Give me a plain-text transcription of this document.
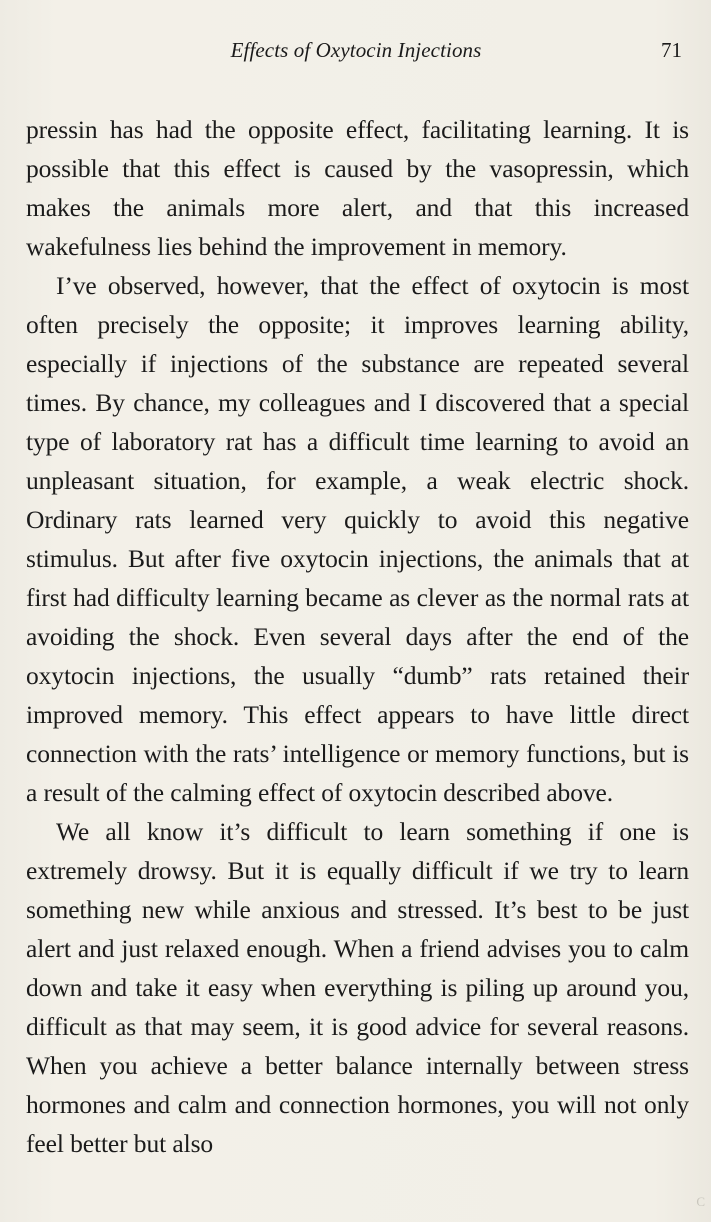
Effects of Oxytocin Injections	71

pressin has had the opposite effect, facilitating learning. It is possible that this effect is caused by the vasopressin, which makes the animals more alert, and that this increased wakefulness lies behind the improvement in memory.

I’ve observed, however, that the effect of oxytocin is most often precisely the opposite; it improves learning ability, especially if injections of the substance are repeated several times. By chance, my colleagues and I discovered that a special type of laboratory rat has a difficult time learning to avoid an unpleasant situation, for example, a weak electric shock. Ordinary rats learned very quickly to avoid this negative stimulus. But after five oxytocin injections, the animals that at first had difficulty learning became as clever as the normal rats at avoiding the shock. Even several days after the end of the oxytocin injections, the usually “dumb” rats retained their improved memory. This effect appears to have little direct connection with the rats’ intelligence or memory functions, but is a result of the calming effect of oxytocin described above.

We all know it’s difficult to learn something if one is extremely drowsy. But it is equally difficult if we try to learn something new while anxious and stressed. It’s best to be just alert and just relaxed enough. When a friend advises you to calm down and take it easy when everything is piling up around you, difficult as that may seem, it is good advice for several reasons. When you achieve a better balance internally between stress hormones and calm and connection hormones, you will not only feel better but also

C
